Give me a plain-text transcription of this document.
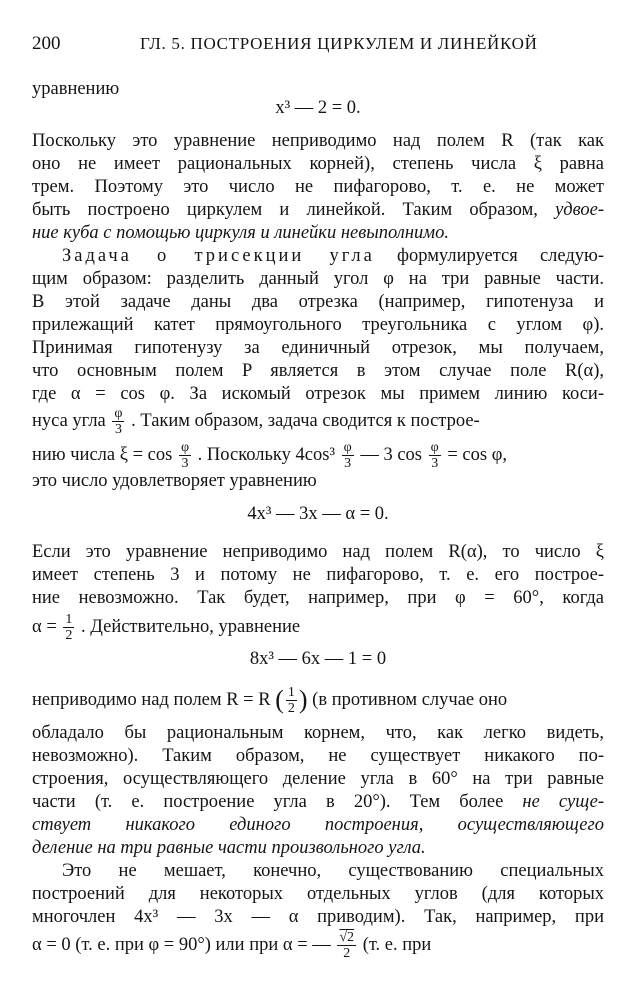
200	ГЛ. 5. ПОСТРОЕНИЯ ЦИРКУЛЕМ И ЛИНЕЙКОЙ
уравнению
x³ — 2 = 0.
Поскольку это уравнение неприводимо над полем R (так как
оно не имеет рациональных корней), степень числа ξ равна
трем. Поэтому это число не пифагорово, т. е. не может
быть построено циркулем и линейкой. Таким образом, удвое-
ние куба с помощью циркуля и линейки невыполнимо.
Задача о трисекции угла формулируется следую-
щим образом: разделить данный угол φ на три равные части.
В этой задаче даны два отрезка (например, гипотенуза и
прилежащий катет прямоугольного треугольника с углом φ).
Принимая гипотенузу за единичный отрезок, мы получаем,
что основным полем P является в этом случае поле R(α),
где α = cos φ. За искомый отрезок мы примем линию коси-
нуса угла $\frac{\varphi}{3}$ . Таким образом, задача сводится к построе-
нию числа $\xi = \cos \frac{\varphi}{3}$ . Поскольку $4\cos^3 \frac{\varphi}{3}$ — 3 $\cos \frac{\varphi}{3} = \cos \varphi$,
это число удовлетворяет уравнению
4x³ — 3x — α = 0.
Если это уравнение неприводимо над полем R(α), то число ξ
имеет степень 3 и потому не пифагорово, т. е. его построе-
ние невозможно. Так будет, например, при φ = 60°, когда
$\alpha = \frac{1}{2}$ . Действительно, уравнение
8x³ — 6x — 1 = 0
неприводимо над полем R = R ( $\frac{1}{2}$ ) (в противном случае оно
обладало бы рациональным корнем, что, как легко видеть,
невозможно). Таким образом, не существует никакого по-
строения, осуществляющего деление угла в 60° на три равные
части (т. е. построение угла в 20°). Тем более не суще-
ствует никакого единого построения, осуществляющего
деление на три равные части произвольного угла.
Это не мешает, конечно, существованию специальных
построений для некоторых отдельных углов (для которых
многочлен 4x³ — 3x — α приводим). Так, например, при
α = 0 (т. е. при φ = 90°) или при α = — $\frac{√2}{2} (т$. е. при
